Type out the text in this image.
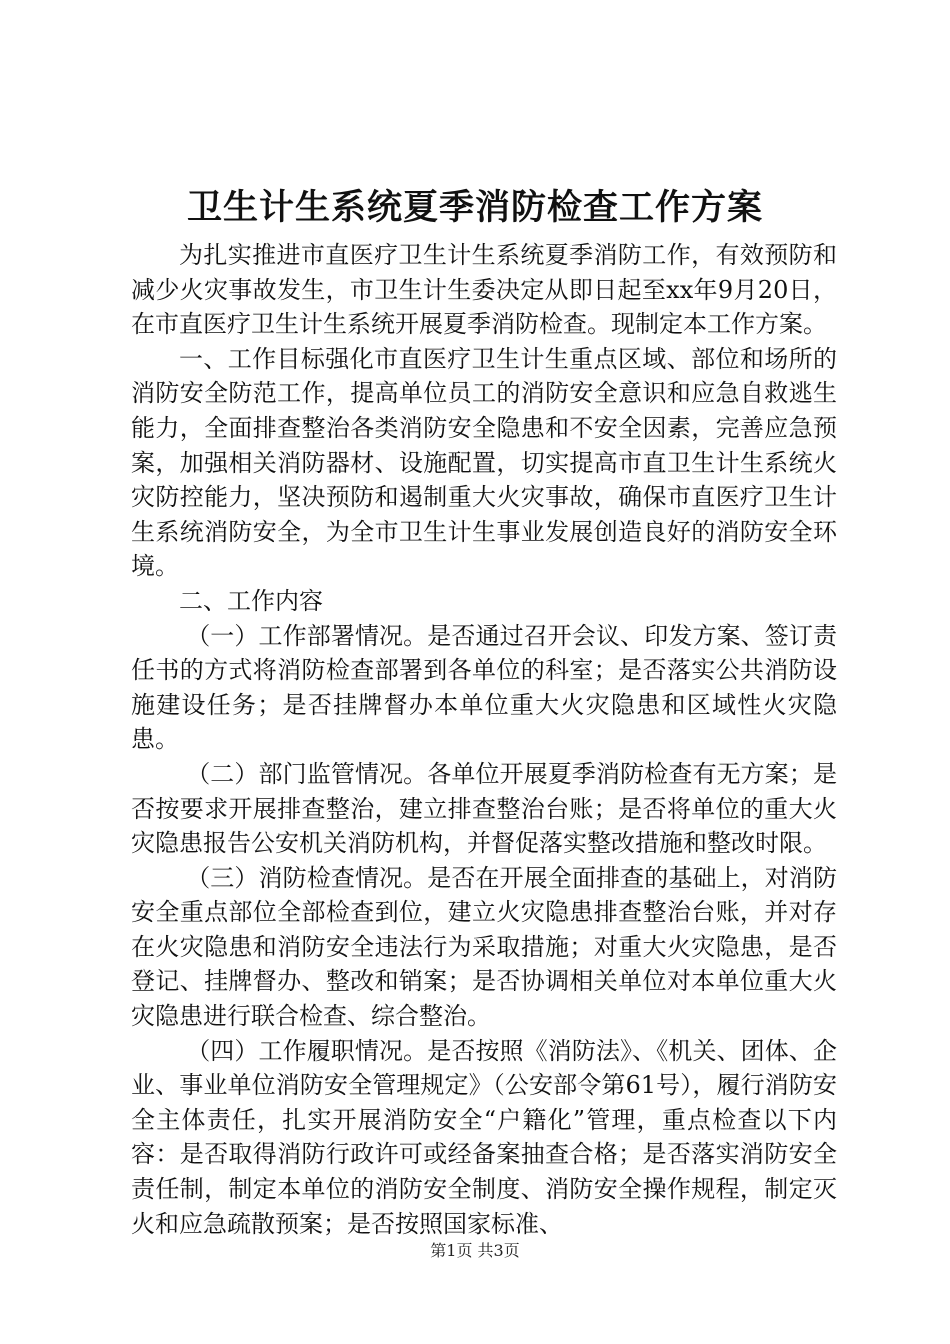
卫生计生系统夏季消防检查工作方案

为扎实推进市直医疗卫生计生系统夏季消防工作，有效预防和减少火灾事故发生，市卫生计生委决定从即日起至xx年9月20日，在市直医疗卫生计生系统开展夏季消防检查。现制定本工作方案。

一、工作目标强化市直医疗卫生计生重点区域、部位和场所的消防安全防范工作，提高单位员工的消防安全意识和应急自救逃生能力，全面排查整治各类消防安全隐患和不安全因素，完善应急预案，加强相关消防器材、设施配置，切实提高市直卫生计生系统火灾防控能力，坚决预防和遏制重大火灾事故，确保市直医疗卫生计生系统消防安全，为全市卫生计生事业发展创造良好的消防安全环境。

二、工作内容

（一）工作部署情况。是否通过召开会议、印发方案、签订责任书的方式将消防检查部署到各单位的科室；是否落实公共消防设施建设任务；是否挂牌督办本单位重大火灾隐患和区域性火灾隐患。

（二）部门监管情况。各单位开展夏季消防检查有无方案；是否按要求开展排查整治，建立排查整治台账；是否将单位的重大火灾隐患报告公安机关消防机构，并督促落实整改措施和整改时限。

（三）消防检查情况。是否在开展全面排查的基础上，对消防安全重点部位全部检查到位，建立火灾隐患排查整治台账，并对存在火灾隐患和消防安全违法行为采取措施；对重大火灾隐患，是否登记、挂牌督办、整改和销案；是否协调相关单位对本单位重大火灾隐患进行联合检查、综合整治。

（四）工作履职情况。是否按照《消防法》、《机关、团体、企业、事业单位消防安全管理规定》（公安部令第61号），履行消防安全主体责任，扎实开展消防安全“户籍化”管理，重点检查以下内容：是否取得消防行政许可或经备案抽查合格；是否落实消防安全责任制，制定本单位的消防安全制度、消防安全操作规程，制定灭火和应急疏散预案；是否按照国家标准、

第1页 共3页
